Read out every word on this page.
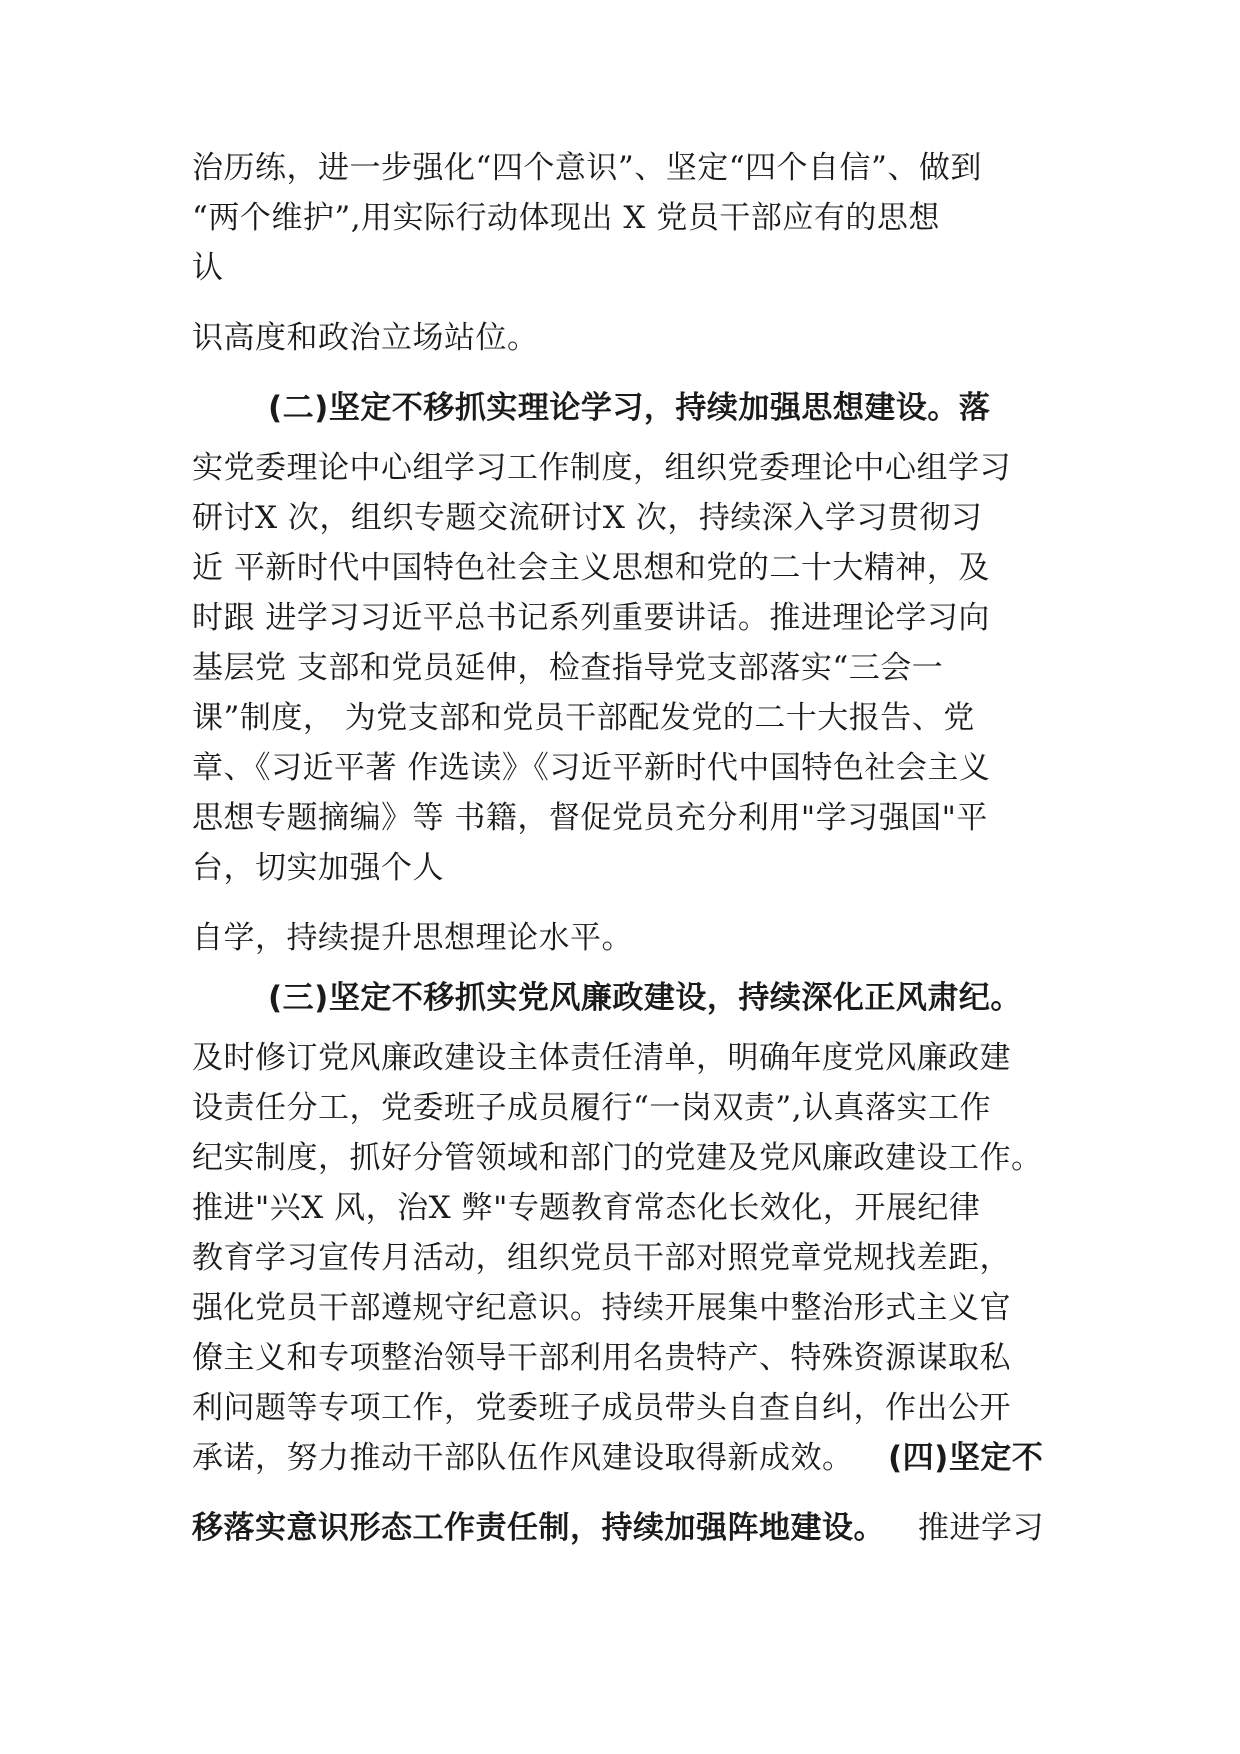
治历练，进一步强化“四个意识”、坚定“四个自信”、做到
“两个维护”,用实际行动体现出 X 党员干部应有的思想
认
识高度和政治立场站位。
(二)坚定不移抓实理论学习，持续加强思想建设。落
实党委理论中心组学习工作制度，组织党委理论中心组学习
研讨X 次，组织专题交流研讨X 次，持续深入学习贯彻习
近 平新时代中国特色社会主义思想和党的二十大精神，及
时跟 进学习习近平总书记系列重要讲话。推进理论学习向
基层党 支部和党员延伸，检查指导党支部落实“三会一
课”制度， 为党支部和党员干部配发党的二十大报告、党
章、《习近平著 作选读》《习近平新时代中国特色社会主义
思想专题摘编》等 书籍，督促党员充分利用"学习强国"平
台，切实加强个人
自学，持续提升思想理论水平。
(三)坚定不移抓实党风廉政建设，持续深化正风肃纪。
及时修订党风廉政建设主体责任清单，明确年度党风廉政建
设责任分工，党委班子成员履行“一岗双责”,认真落实工作
纪实制度，抓好分管领域和部门的党建及党风廉政建设工作。
推进"兴X 风，治X 弊"专题教育常态化长效化，开展纪律
教育学习宣传月活动，组织党员干部对照党章党规找差距，
强化党员干部遵规守纪意识。持续开展集中整治形式主义官
僚主义和专项整治领导干部利用名贵特产、特殊资源谋取私
利问题等专项工作，党委班子成员带头自查自纠，作出公开
承诺，努力推动干部队伍作风建设取得新成效。 (四)坚定不
移落实意识形态工作责任制，持续加强阵地建设。 推进学习
